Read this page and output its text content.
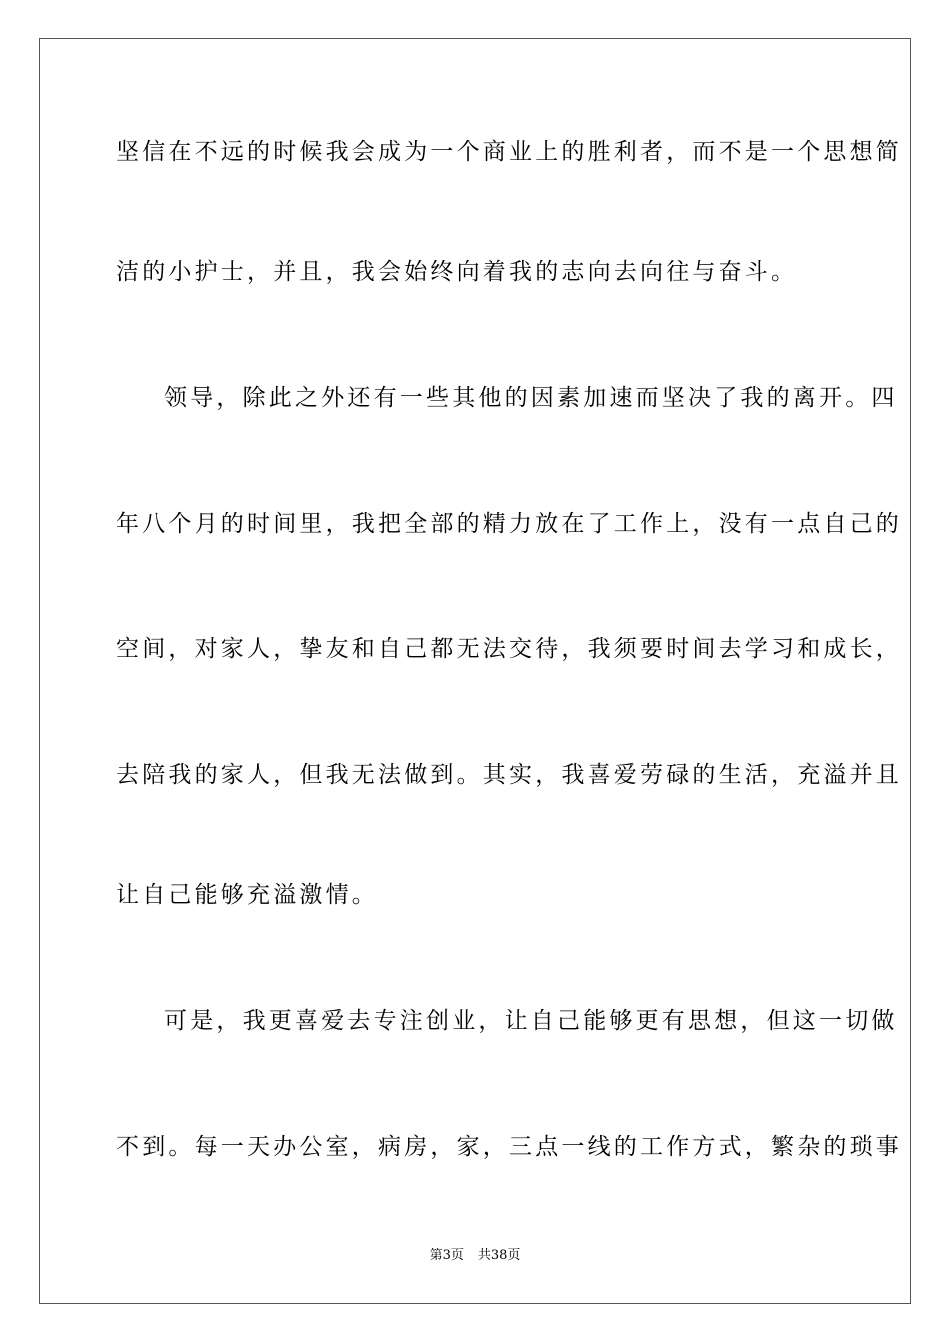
坚信在不远的时候我会成为一个商业上的胜利者，而不是一个思想简
洁的小护士，并且，我会始终向着我的志向去向往与奋斗。
领导，除此之外还有一些其他的因素加速而坚决了我的离开。四
年八个月的时间里，我把全部的精力放在了工作上，没有一点自己的
空间，对家人，挚友和自己都无法交待，我须要时间去学习和成长，
去陪我的家人，但我无法做到。其实，我喜爱劳碌的生活，充溢并且
让自己能够充溢激情。
可是，我更喜爱去专注创业，让自己能够更有思想，但这一切做
不到。每一天办公室，病房，家，三点一线的工作方式，繁杂的琐事
第3页 共38页
